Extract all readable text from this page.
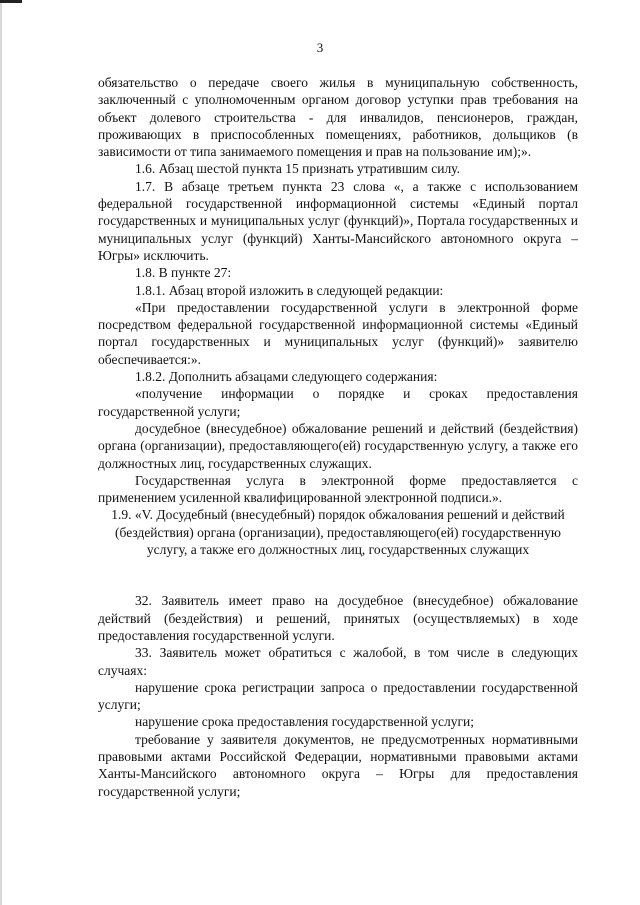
3

обязательство о передаче своего жилья в муниципальную собственность, заключенный с уполномоченным органом договор уступки прав требования на объект долевого строительства - для инвалидов, пенсионеров, граждан, проживающих в приспособленных помещениях, работников, дольщиков (в зависимости от типа занимаемого помещения и прав на пользование им);».

1.6. Абзац шестой пункта 15 признать утратившим силу.

1.7. В абзаце третьем пункта 23 слова «, а также с использованием федеральной государственной информационной системы «Единый портал государственных и муниципальных услуг (функций)», Портала государственных и муниципальных услуг (функций) Ханты-Мансийского автономного округа – Югры» исключить.

1.8. В пункте 27:

1.8.1. Абзац второй изложить в следующей редакции:

«При предоставлении государственной услуги в электронной форме посредством федеральной государственной информационной системы «Единый портал государственных и муниципальных услуг (функций)» заявителю обеспечивается:».

1.8.2. Дополнить абзацами следующего содержания:

«получение информации о порядке и сроках предоставления государственной услуги;

досудебное (внесудебное) обжалование решений и действий (бездействия) органа (организации), предоставляющего(ей) государственную услугу, а также его должностных лиц, государственных служащих.

Государственная услуга в электронной форме предоставляется с применением усиленной квалифицированной электронной подписи.».

1.9. «V. Досудебный (внесудебный) порядок обжалования решений и действий (бездействия) органа (организации), предоставляющего(ей) государственную услугу, а также его должностных лиц, государственных служащих

32. Заявитель имеет право на досудебное (внесудебное) обжалование действий (бездействия) и решений, принятых (осуществляемых) в ходе предоставления государственной услуги.

33. Заявитель может обратиться с жалобой, в том числе в следующих случаях:

нарушение срока регистрации запроса о предоставлении государственной услуги;

нарушение срока предоставления государственной услуги;

требование у заявителя документов, не предусмотренных нормативными правовыми актами Российской Федерации, нормативными правовыми актами Ханты-Мансийского автономного округа – Югры для предоставления государственной услуги;
